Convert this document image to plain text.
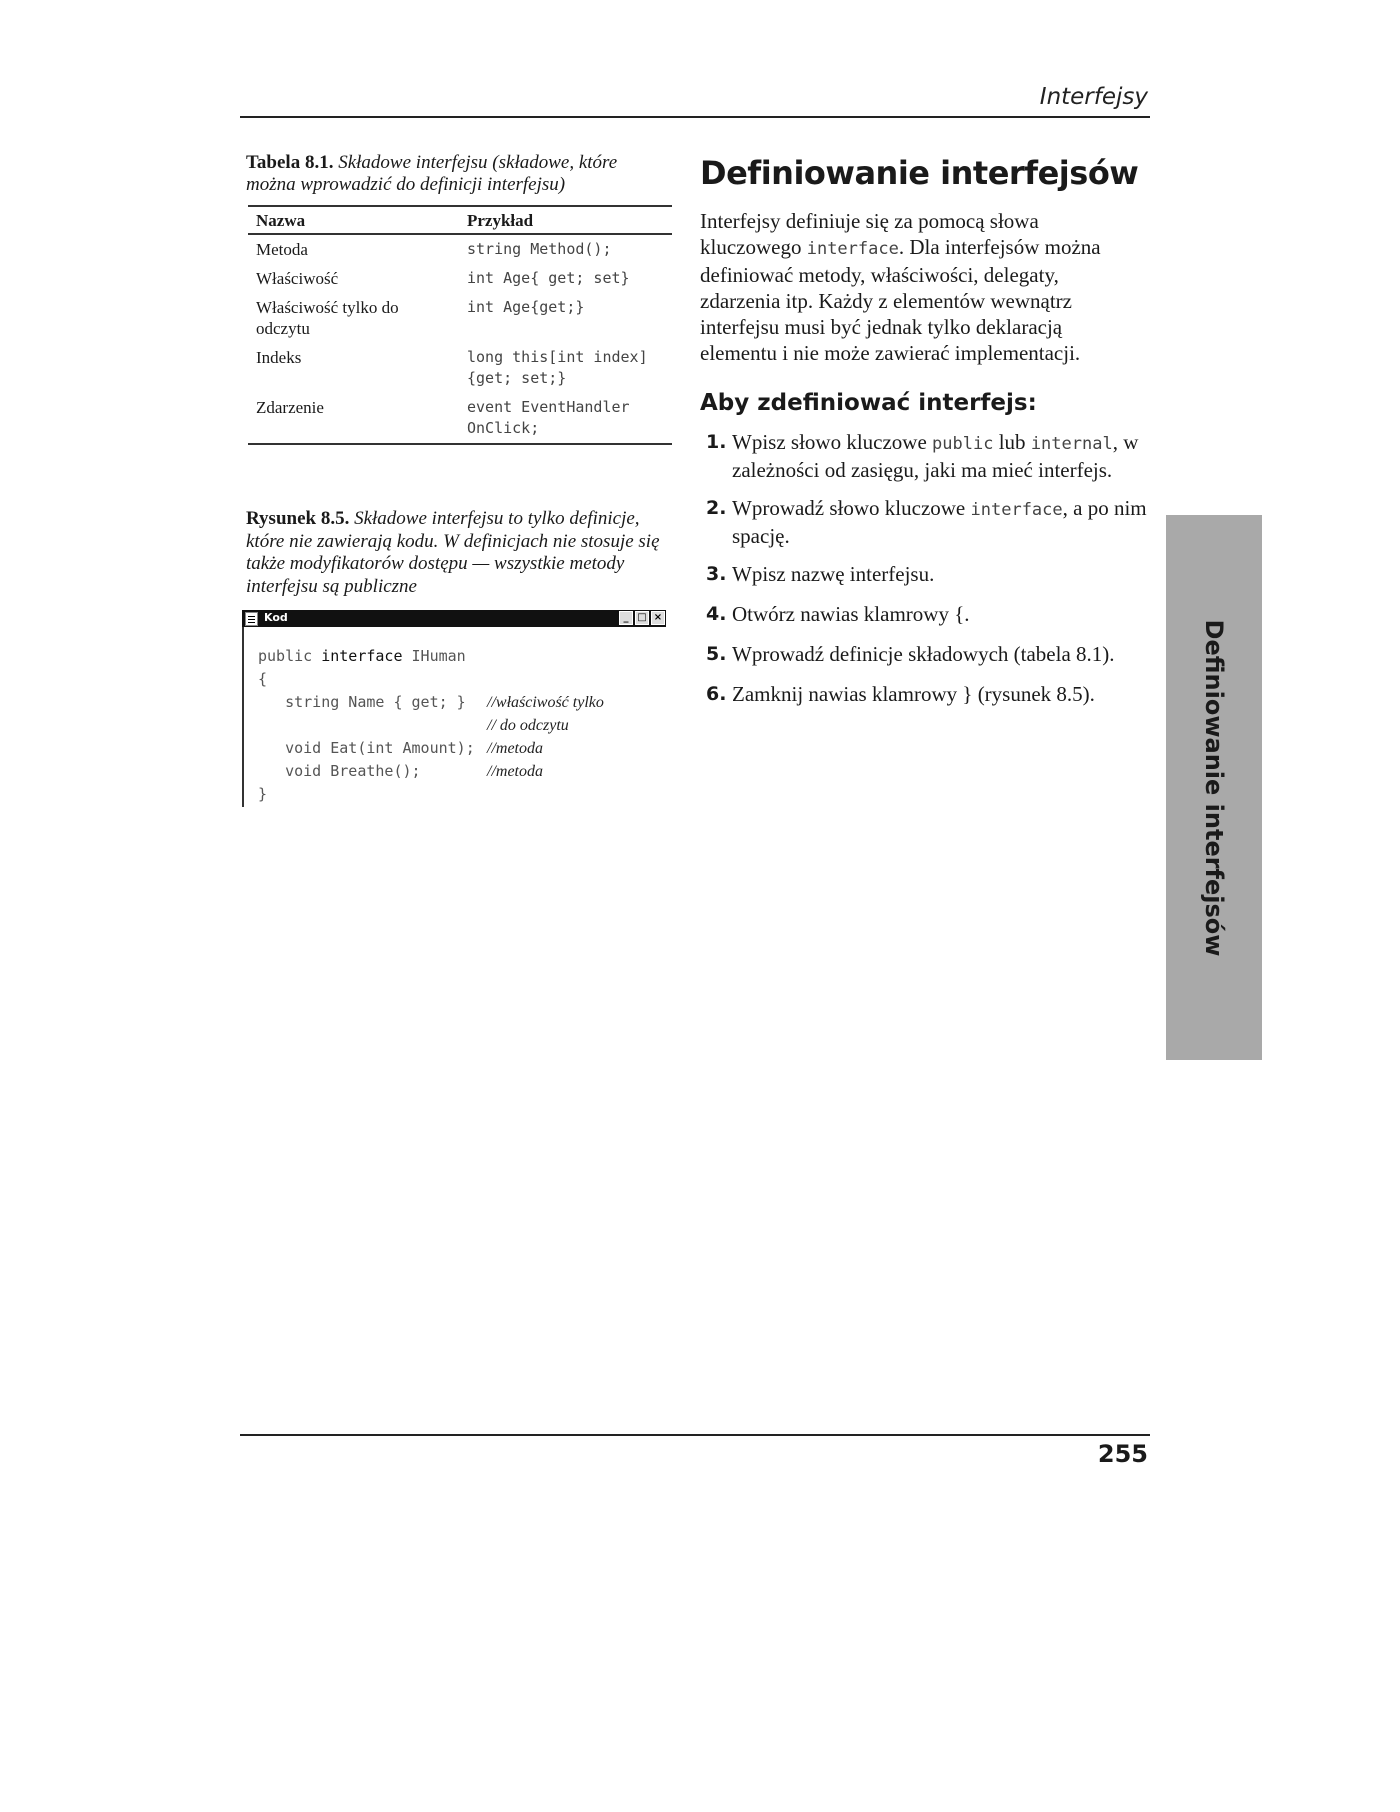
Interfejsy
Tabela 8.1. Składowe interfejsu (składowe, które można wprowadzić do definicji interfejsu)
Nazwa	Przykład
Metoda	string Method();
Właściwość	int Age{ get; set}
Właściwość tylko do odczytu	int Age{get;}
Indeks	long this[int index]{get; set;}
Zdarzenie	event EventHandler OnClick;
Rysunek 8.5. Składowe interfejsu to tylko definicje, które nie zawierają kodu. W definicjach nie stosuje się także modyfikatorów dostępu — wszystkie metody interfejsu są publiczne
Kod	_ □ ×
public interface IHuman
{
string Name { get; } //właściwość tylko
// do odczytu
void Eat(int Amount); //metoda
void Breathe();	//metoda
}
Definiowanie interfejsów

Interfejsy definiuje się za pomocą słowa kluczowego interface. Dla interfejsów można definiować metody, właściwości, delegaty, zdarzenia itp. Każdy z elementów wewnątrz interfejsu musi być jednak tylko deklaracją elementu i nie może zawierać implementacji.

Aby zdefiniować interfejs:
1. Wpisz słowo kluczowe public lub internal, w zależności od zasięgu, jaki ma mieć interfejs.
2. Wprowadź słowo kluczowe interface, a po nim spację.
3. Wpisz nazwę interfejsu.
4. Otwórz nawias klamrowy {.
5. Wprowadź definicje składowych (tabela 8.1).
6. Zamknij nawias klamrowy } (rysunek 8.5).	Definiowanie interfejsów
255
